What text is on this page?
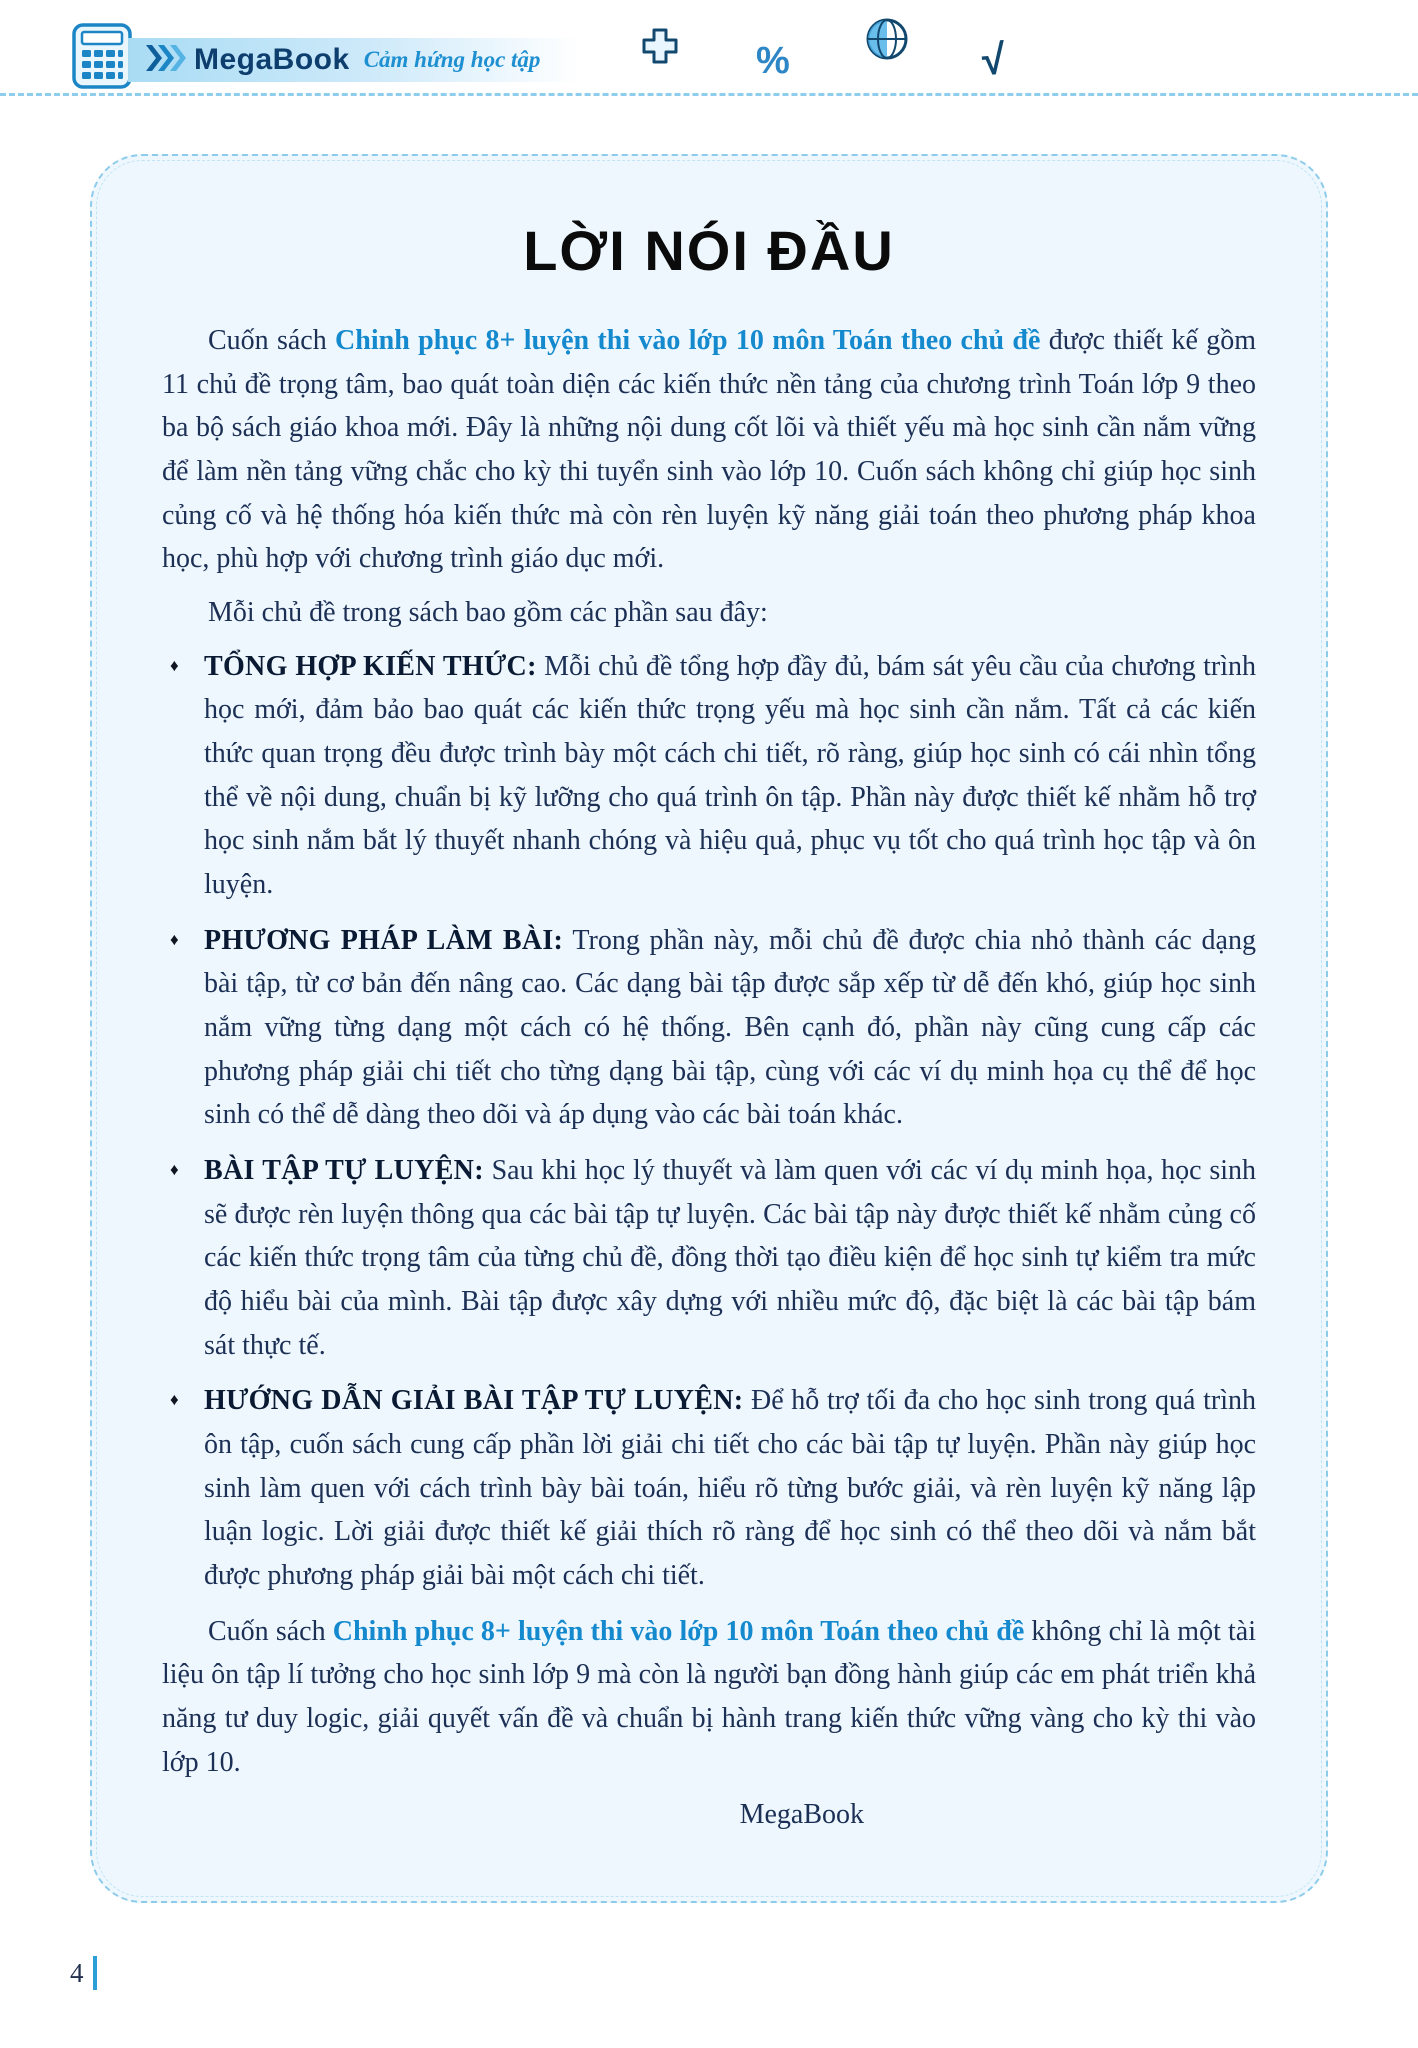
MegaBook Cảm hứng học tập	%	√
LỜI NÓI ĐẦU

Cuốn sách Chinh phục 8+ luyện thi vào lớp 10 môn Toán theo chủ đề được thiết kế gồm 11 chủ đề trọng tâm, bao quát toàn diện các kiến thức nền tảng của chương trình Toán lớp 9 theo ba bộ sách giáo khoa mới. Đây là những nội dung cốt lõi và thiết yếu mà học sinh cần nắm vững để làm nền tảng vững chắc cho kỳ thi tuyển sinh vào lớp 10. Cuốn sách không chỉ giúp học sinh củng cố và hệ thống hóa kiến thức mà còn rèn luyện kỹ năng giải toán theo phương pháp khoa học, phù hợp với chương trình giáo dục mới.

Mỗi chủ đề trong sách bao gồm các phần sau đây:

♦ TỔNG HỢP KIẾN THỨC: Mỗi chủ đề tổng hợp đầy đủ, bám sát yêu cầu của chương trình học mới, đảm bảo bao quát các kiến thức trọng yếu mà học sinh cần nắm. Tất cả các kiến thức quan trọng đều được trình bày một cách chi tiết, rõ ràng, giúp học sinh có cái nhìn tổng thể về nội dung, chuẩn bị kỹ lưỡng cho quá trình ôn tập. Phần này được thiết kế nhằm hỗ trợ học sinh nắm bắt lý thuyết nhanh chóng và hiệu quả, phục vụ tốt cho quá trình học tập và ôn luyện.
♦ PHƯƠNG PHÁP LÀM BÀI: Trong phần này, mỗi chủ đề được chia nhỏ thành các dạng bài tập, từ cơ bản đến nâng cao. Các dạng bài tập được sắp xếp từ dễ đến khó, giúp học sinh nắm vững từng dạng một cách có hệ thống. Bên cạnh đó, phần này cũng cung cấp các phương pháp giải chi tiết cho từng dạng bài tập, cùng với các ví dụ minh họa cụ thể để học sinh có thể dễ dàng theo dõi và áp dụng vào các bài toán khác.
♦ BÀI TẬP TỰ LUYỆN: Sau khi học lý thuyết và làm quen với các ví dụ minh họa, học sinh sẽ được rèn luyện thông qua các bài tập tự luyện. Các bài tập này được thiết kế nhằm củng cố các kiến thức trọng tâm của từng chủ đề, đồng thời tạo điều kiện để học sinh tự kiểm tra mức độ hiểu bài của mình. Bài tập được xây dựng với nhiều mức độ, đặc biệt là các bài tập bám sát thực tế.
♦ HƯỚNG DẪN GIẢI BÀI TẬP TỰ LUYỆN: Để hỗ trợ tối đa cho học sinh trong quá trình ôn tập, cuốn sách cung cấp phần lời giải chi tiết cho các bài tập tự luyện. Phần này giúp học sinh làm quen với cách trình bày bài toán, hiểu rõ từng bước giải, và rèn luyện kỹ năng lập luận logic. Lời giải được thiết kế giải thích rõ ràng để học sinh có thể theo dõi và nắm bắt được phương pháp giải bài một cách chi tiết.

Cuốn sách Chinh phục 8+ luyện thi vào lớp 10 môn Toán theo chủ đề không chỉ là một tài liệu ôn tập lí tưởng cho học sinh lớp 9 mà còn là người bạn đồng hành giúp các em phát triển khả năng tư duy logic, giải quyết vấn đề và chuẩn bị hành trang kiến thức vững vàng cho kỳ thi vào lớp 10.

MegaBook

4
